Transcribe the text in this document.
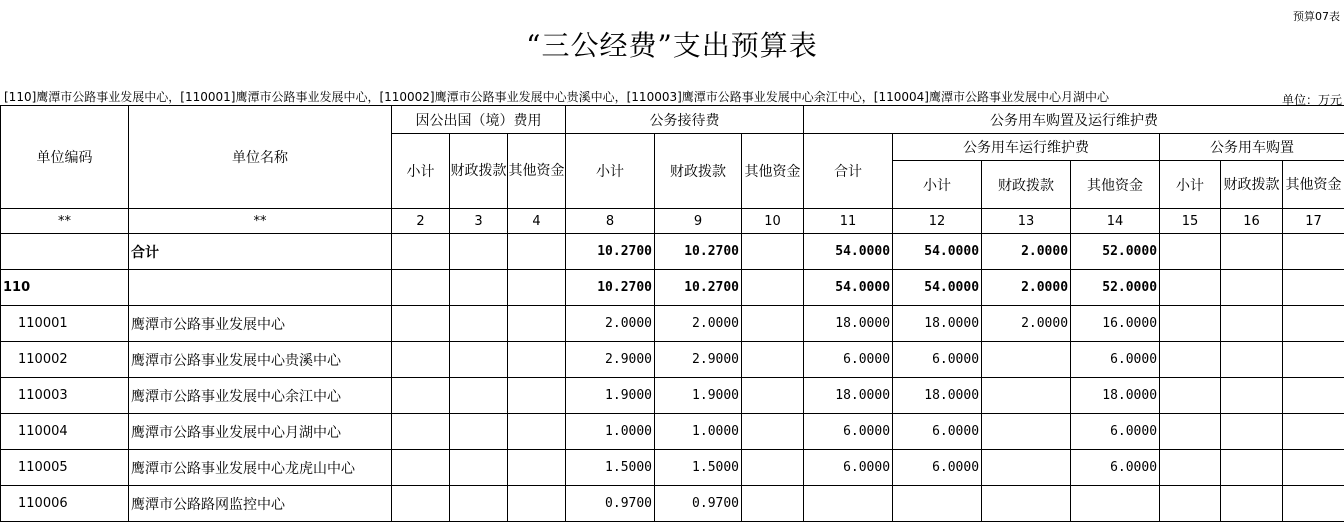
预算07表
“三公经费”支出预算表
[110]鹰潭市公路事业发展中心，[110001]鹰潭市公路事业发展中心，[110002]鹰潭市公路事业发展中心贵溪中心，[110003]鹰潭市公路事业发展中心余江中心，[110004]鹰潭市公路事业发展中心月湖中心	单位：万元
单位编码	单位名称	因公出国（境）费用			公务接待费			公务用车购置及运行维护费						
		小计	财政拨款	其他资金	小计	财政拨款	其他资金	合计	公务用车运行维护费			公务用车购置		
									小计	财政拨款	其他资金	小计	财政拨款	其他资金
**	**	2	3	4	8	9	10	11	12	13	14	15	16	17
	合计				10.2700	10.2700		54.0000	54.0000	2.0000	52.0000			
110					10.2700	10.2700		54.0000	54.0000	2.0000	52.0000			
110001	鹰潭市公路事业发展中心				2.0000	2.0000		18.0000	18.0000	2.0000	16.0000			
110002	鹰潭市公路事业发展中心贵溪中心				2.9000	2.9000		6.0000	6.0000		6.0000			
110003	鹰潭市公路事业发展中心余江中心				1.9000	1.9000		18.0000	18.0000		18.0000			
110004	鹰潭市公路事业发展中心月湖中心				1.0000	1.0000		6.0000	6.0000		6.0000			
110005	鹰潭市公路事业发展中心龙虎山中心				1.5000	1.5000		6.0000	6.0000		6.0000			
110006	鹰潭市公路路网监控中心				0.9700	0.9700								
